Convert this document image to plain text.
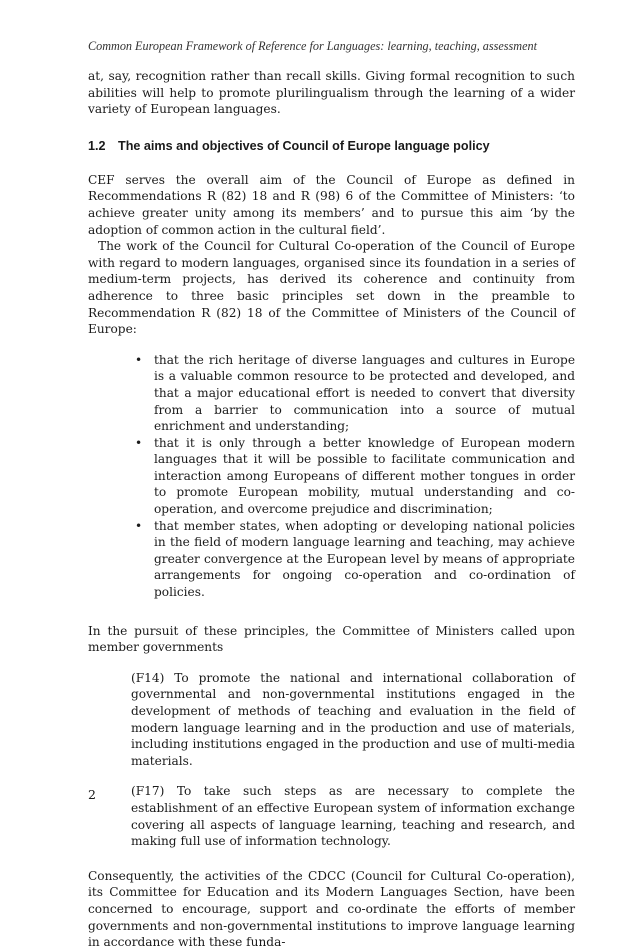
Common European Framework of Reference for Languages: learning, teaching, assessment

at, say, recognition rather than recall skills. Giving formal recognition to such abilities will help to promote plurilingualism through the learning of a wider variety of European languages.

1.2 The aims and objectives of Council of Europe language policy

CEF serves the overall aim of the Council of Europe as defined in Recommendations R (82) 18 and R (98) 6 of the Committee of Ministers: ‘to achieve greater unity among its members’ and to pursue this aim ‘by the adoption of common action in the cultural field’.

The work of the Council for Cultural Co-operation of the Council of Europe with regard to modern languages, organised since its foundation in a series of medium-term projects, has derived its coherence and continuity from adherence to three basic principles set down in the preamble to Recommendation R (82) 18 of the Committee of Ministers of the Council of Europe:

• that the rich heritage of diverse languages and cultures in Europe is a valuable common resource to be protected and developed, and that a major educational effort is needed to convert that diversity from a barrier to communication into a source of mutual enrichment and understanding;
• that it is only through a better knowledge of European modern languages that it will be possible to facilitate communication and interaction among Europeans of different mother tongues in order to promote European mobility, mutual understanding and co-operation, and overcome prejudice and discrimination;
• that member states, when adopting or developing national policies in the field of modern language learning and teaching, may achieve greater convergence at the European level by means of appropriate arrangements for ongoing co-operation and co-ordination of policies.

In the pursuit of these principles, the Committee of Ministers called upon member governments

(F14) To promote the national and international collaboration of governmental and non-governmental institutions engaged in the development of methods of teaching and evaluation in the field of modern language learning and in the production and use of materials, including institutions engaged in the production and use of multi-media materials.

(F17) To take such steps as are necessary to complete the establishment of an effective European system of information exchange covering all aspects of language learning, teaching and research, and making full use of information technology.

Consequently, the activities of the CDCC (Council for Cultural Co-operation), its Committee for Education and its Modern Languages Section, have been concerned to encourage, support and co-ordinate the efforts of member governments and non-governmental institutions to improve language learning in accordance with these funda-

2
